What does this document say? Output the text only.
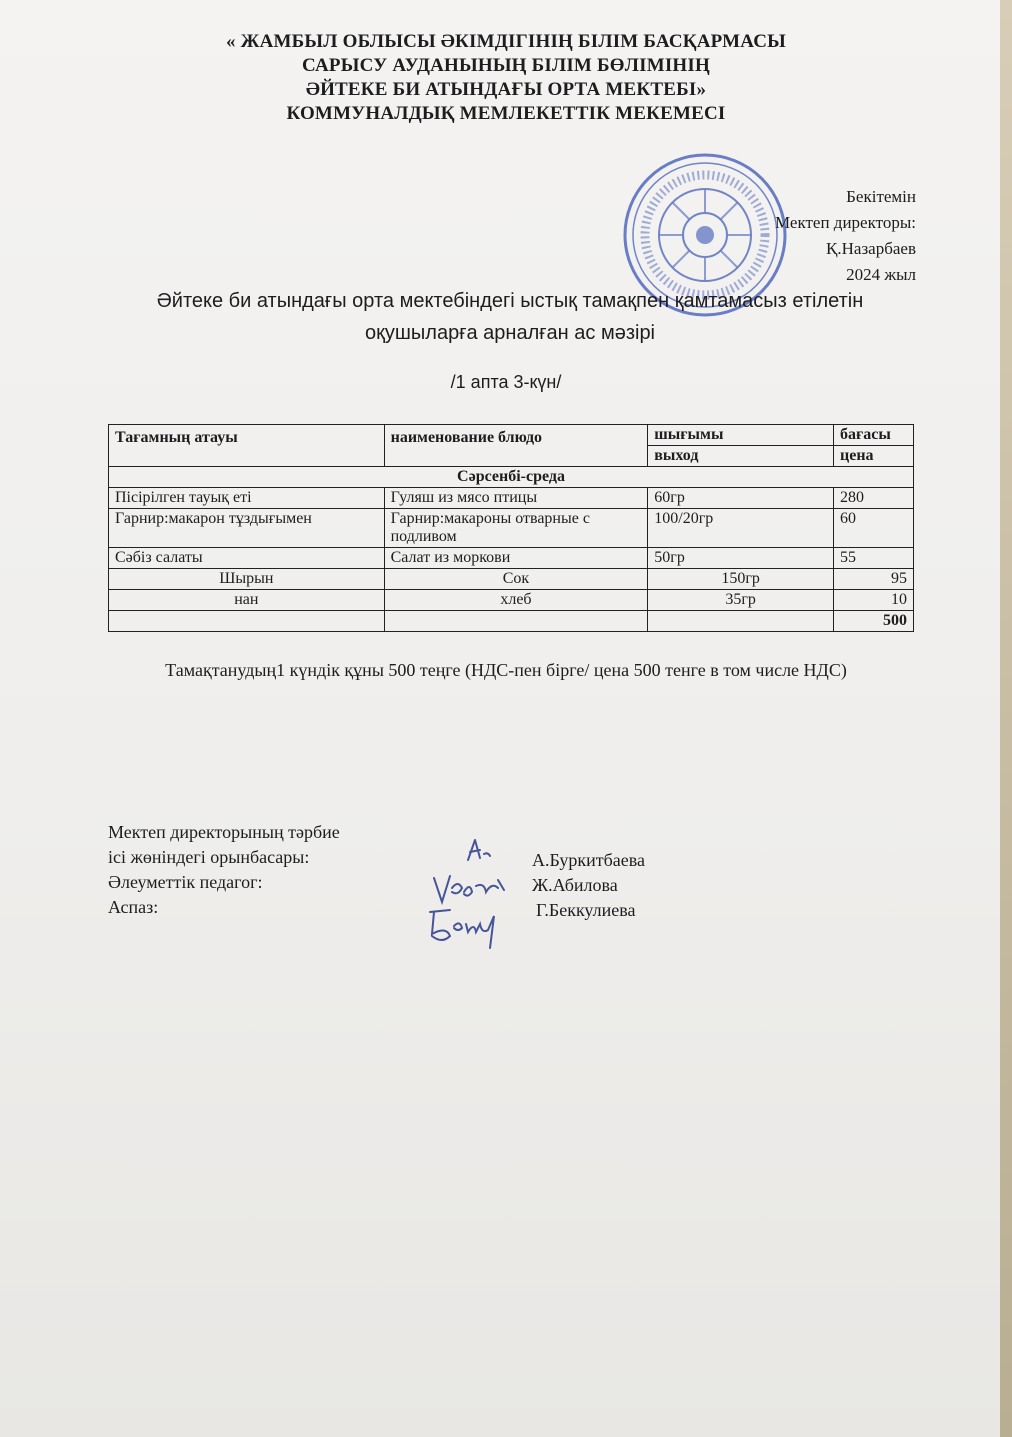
« ЖАМБЫЛ ОБЛЫСЫ ӘКІМДІГІНІҢ БІЛІМ БАСҚАРМАСЫ
САРЫСУ АУДАНЫНЫҢ БІЛІМ БӨЛІМІНІҢ
ӘЙТЕКЕ БИ АТЫНДАҒЫ ОРТА МЕКТЕБІ»
КОММУНАЛДЫҚ МЕМЛЕКЕТТІК МЕКЕМЕСІ
Бекітемін
Мектеп директоры:
Қ.Назарбаев
2024 жыл
Әйтеке би атындағы орта мектебіндегі ыстық тамақпен қамтамасыз етілетін
оқушыларға арналған ас мәзірі
/1 апта 3-күн/
Тағамның атауы	наименование блюдо	шығымы	бағасы
		выход	цена
Сәрсенбі-среда			
Пісірілген тауық еті	Гуляш из мясо птицы	60гр	280
Гарнир:макарон тұздығымен	Гарнир:макароны отварные с подливом	100/20гр	60
Сәбіз салаты	Салат из моркови	50гр	55
Шырын	Сок	150гр	95
нан	хлеб	35гр	10
			500
Тамақтанудың1 күндік құны 500 теңге (НДС-пен бірге/ цена 500 тенге в том числе НДС)
Мектеп директорының тәрбие
ісі жөніндегі орынбасары:
Әлеуметтік педагог:
Аспаз:
А.Буркитбаева
Ж.Абилова
Г.Беккулиева
